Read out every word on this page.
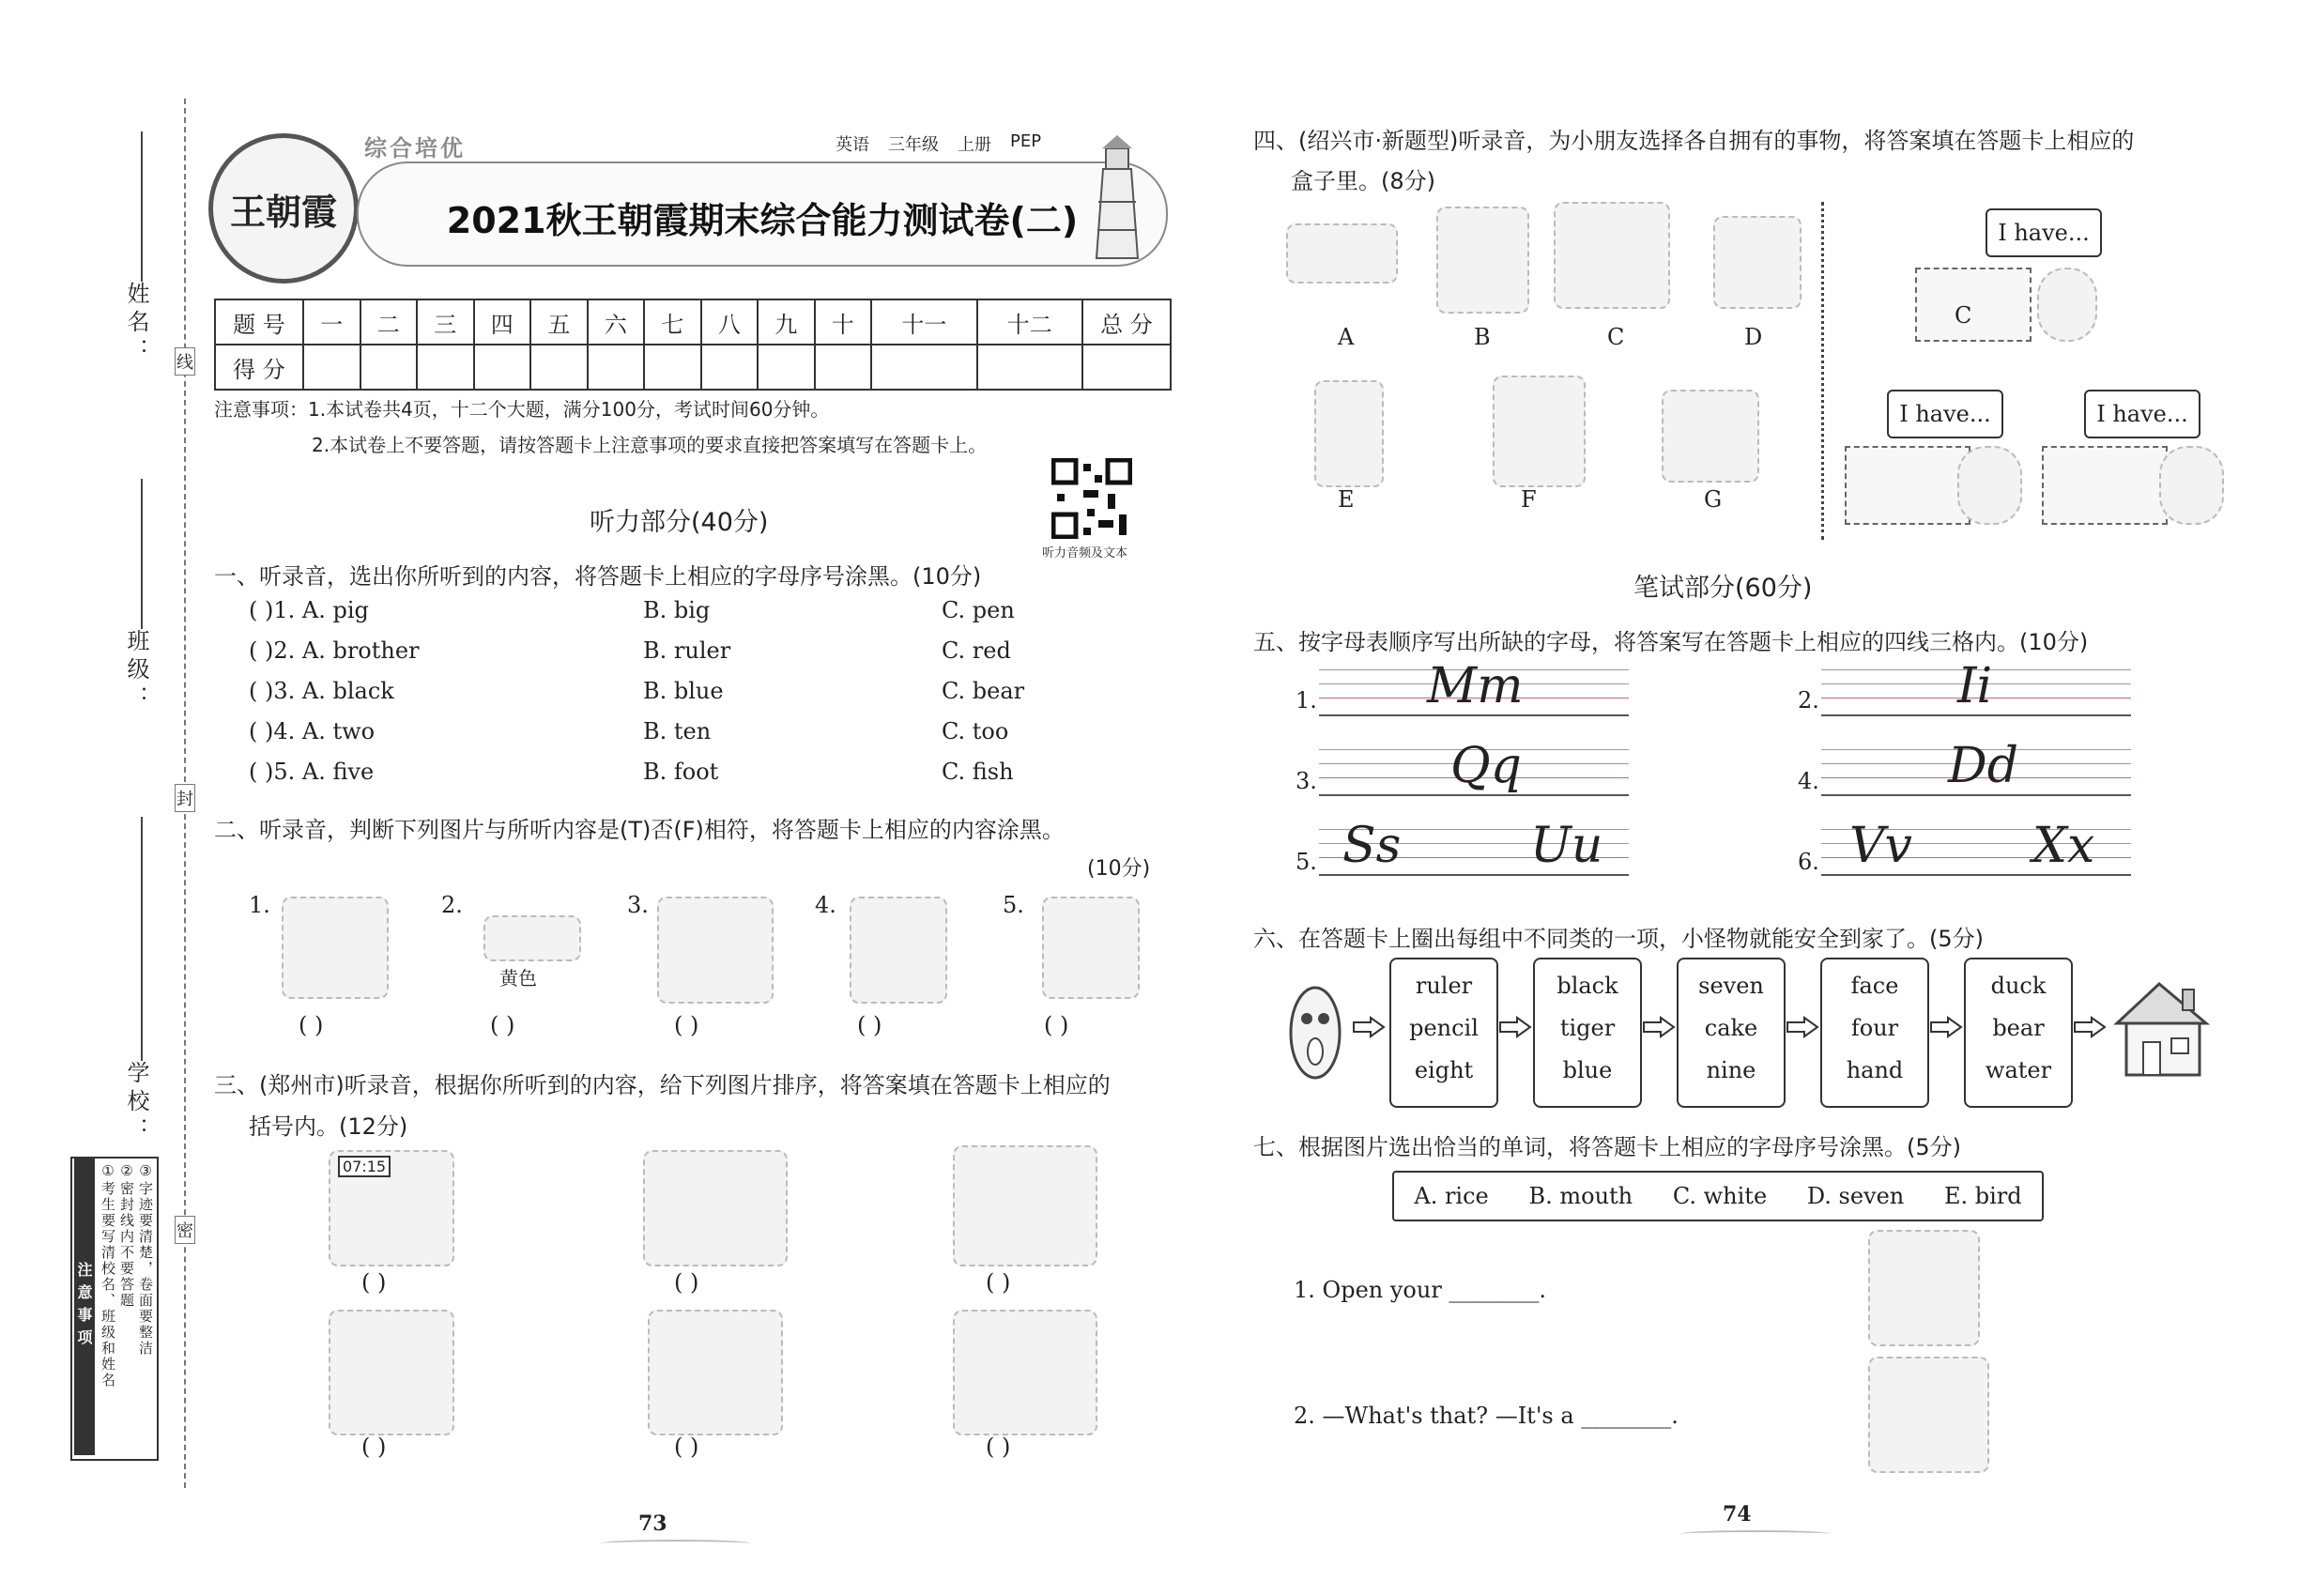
姓名：
班级：
学校：
线
封
密
注意事项 ①考生要写清校名、班级和姓名 ②密封线内不要答题 ③字迹要清楚，卷面要整洁
王朝霞
综合培优	英语 三年级 上册 PEP
2021秋王朝霞期末综合能力测试卷(二)
题 号	一	二	三	四	五	六	七	八	九	十	十一	十二	总 分
得 分													
注意事项：1.本试卷共4页，十二个大题，满分100分，考试时间60分钟。
2.本试卷上不要答题，请按答题卡上注意事项的要求直接把答案填写在答题卡上。
听力音频及文本
听力部分(40分)
一、听录音，选出你所听到的内容，将答题卡上相应的字母序号涂黑。(10分)
( )1. A. pig	B. big	C. pen
( )2. A. brother	B. ruler	C. red
( )3. A. black	B. blue	C. bear
( )4. A. two	B. ten	C. too
( )5. A. five	B. foot	C. fish
二、听录音，判断下列图片与所听内容是(T)否(F)相符，将答题卡上相应的内容涂黑。
(10分)
1.	2.	3.	4.	5.
黄色
( )	( )	( )	( )	( )
三、(郑州市)听录音，根据你所听到的内容，给下列图片排序，将答案填在答题卡上相应的
括号内。(12分)
07:15
( )	( )	( )
( )	( )	( )
73
四、(绍兴市·新题型)听录音，为小朋友选择各自拥有的事物，将答案填在答题卡上相应的
盒子里。(8分)
A	B	C	D
E	F	G
I have...
C
I have...	I have...
笔试部分(60分)
五、按字母表顺序写出所缺的字母，将答案写在答题卡上相应的四线三格内。(10分)
1. Mm	2.	Ii
3.	Qq	4.	Dd
5. Ss	Uu	6. Vv Xx
六、在答题卡上圈出每组中不同类的一项，小怪物就能安全到家了。(5分)
ruler
pencil
eight
black
tiger
blue
seven
cake
nine
face
four
hand
duck
bear
water
七、根据图片选出恰当的单词，将答题卡上相应的字母序号涂黑。(5分)
A. rice B. mouth C. white D. seven E. bird
1. Open your ________.
2. —What's that? —It's a ________.
74
